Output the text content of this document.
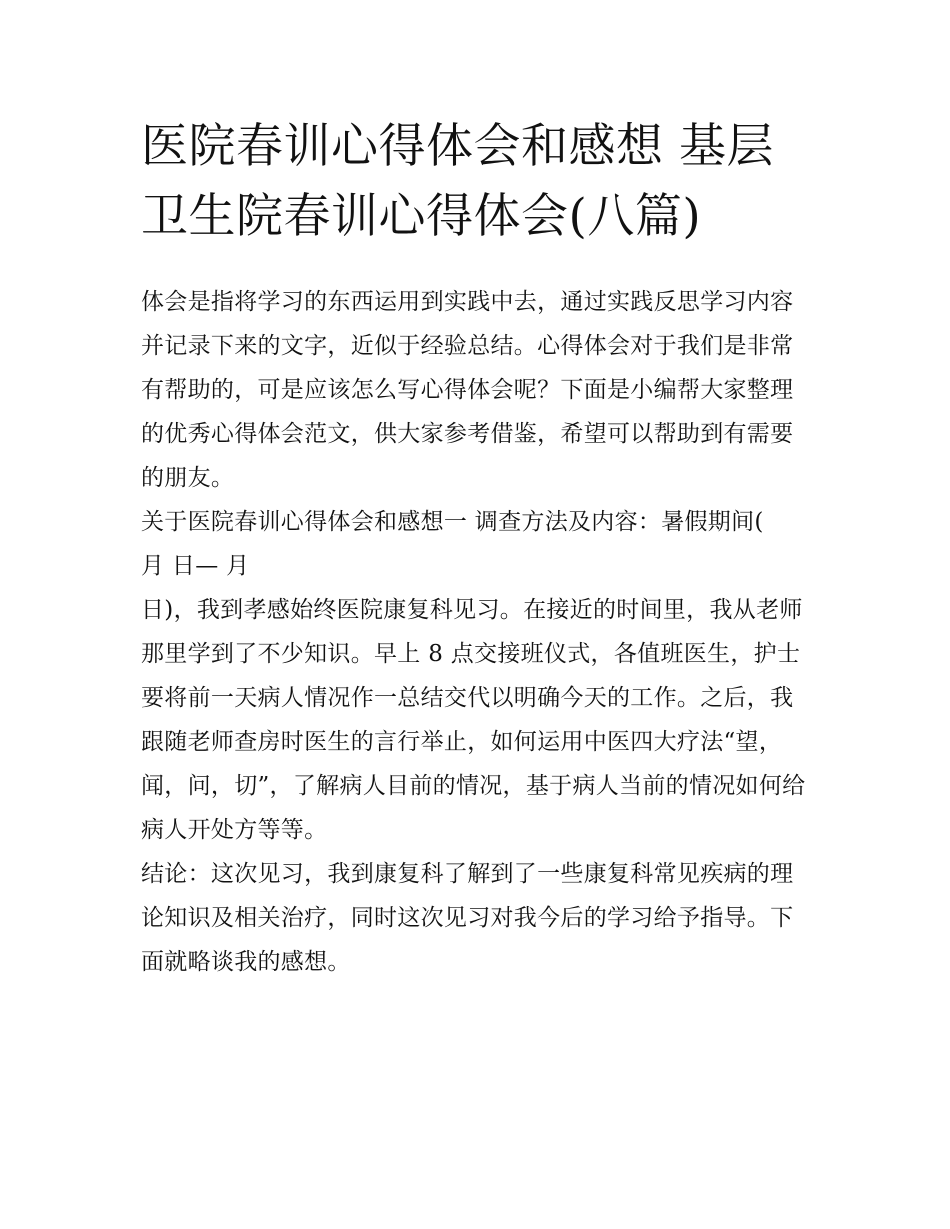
医院春训心得体会和感想 基层
卫生院春训心得体会(八篇)

体会是指将学习的东西运用到实践中去，通过实践反思学习内容并记录下来的文字，近似于经验总结。心得体会对于我们是非常有帮助的，可是应该怎么写心得体会呢？下面是小编帮大家整理的优秀心得体会范文，供大家参考借鉴，希望可以帮助到有需要的朋友。

关于医院春训心得体会和感想一 调查方法及内容：暑假期间(

月 日— 月

日)，我到孝感始终医院康复科见习。在接近的时间里，我从老师那里学到了不少知识。早上 8 点交接班仪式，各值班医生，护士要将前一天病人情况作一总结交代以明确今天的工作。之后，我跟随老师查房时医生的言行举止，如何运用中医四大疗法“望，闻，问，切”，了解病人目前的情况，基于病人当前的情况如何给病人开处方等等。

结论：这次见习，我到康复科了解到了一些康复科常见疾病的理论知识及相关治疗，同时这次见习对我今后的学习给予指导。下面就略谈我的感想。
